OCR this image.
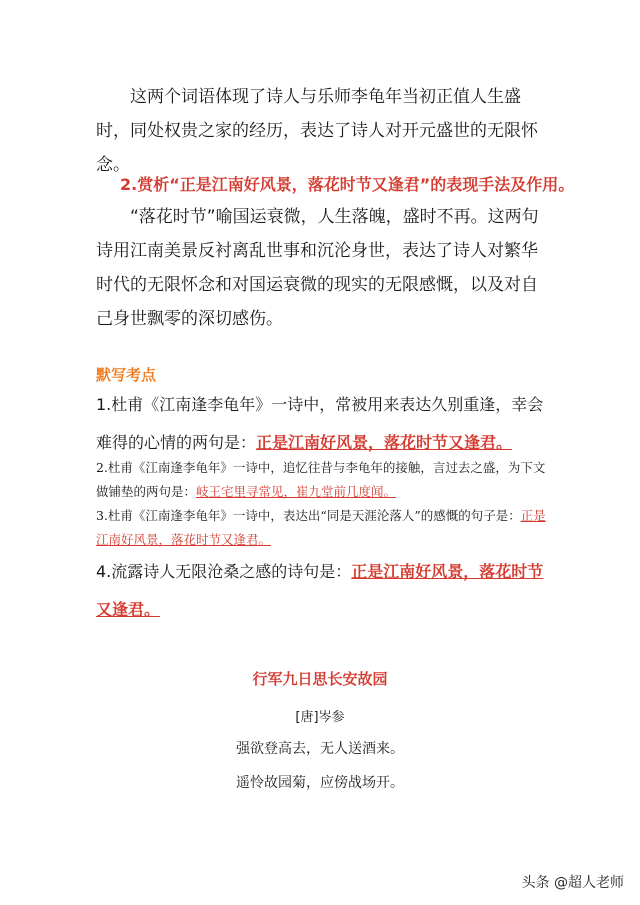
这两个词语体现了诗人与乐师李龟年当初正值人生盛时，同处权贵之家的经历，表达了诗人对开元盛世的无限怀念。

2.赏析“正是江南好风景，落花时节又逢君”的表现手法及作用。

“落花时节”喻国运衰微，人生落魄，盛时不再。这两句诗用江南美景反衬离乱世事和沉沦身世，表达了诗人对繁华时代的无限怀念和对国运衰微的现实的无限感慨，以及对自己身世飘零的深切感伤。

默写考点

1.杜甫《江南逢李龟年》一诗中，常被用来表达久别重逢，幸会难得的心情的两句是：正是江南好风景，落花时节又逢君。

2.杜甫《江南逢李龟年》一诗中，追忆往昔与李龟年的接触，言过去之盛，为下文做铺垫的两句是：岐王宅里寻常见，崔九堂前几度闻。

3.杜甫《江南逢李龟年》一诗中，表达出“同是天涯沦落人”的感慨的句子是：正是江南好风景，落花时节又逢君。

4.流露诗人无限沧桑之感的诗句是：正是江南好风景，落花时节又逢君。

行军九日思长安故园

[唐]岑参

强欲登高去，无人送酒来。

遥怜故园菊，应傍战场开。

头条 @超人老师
